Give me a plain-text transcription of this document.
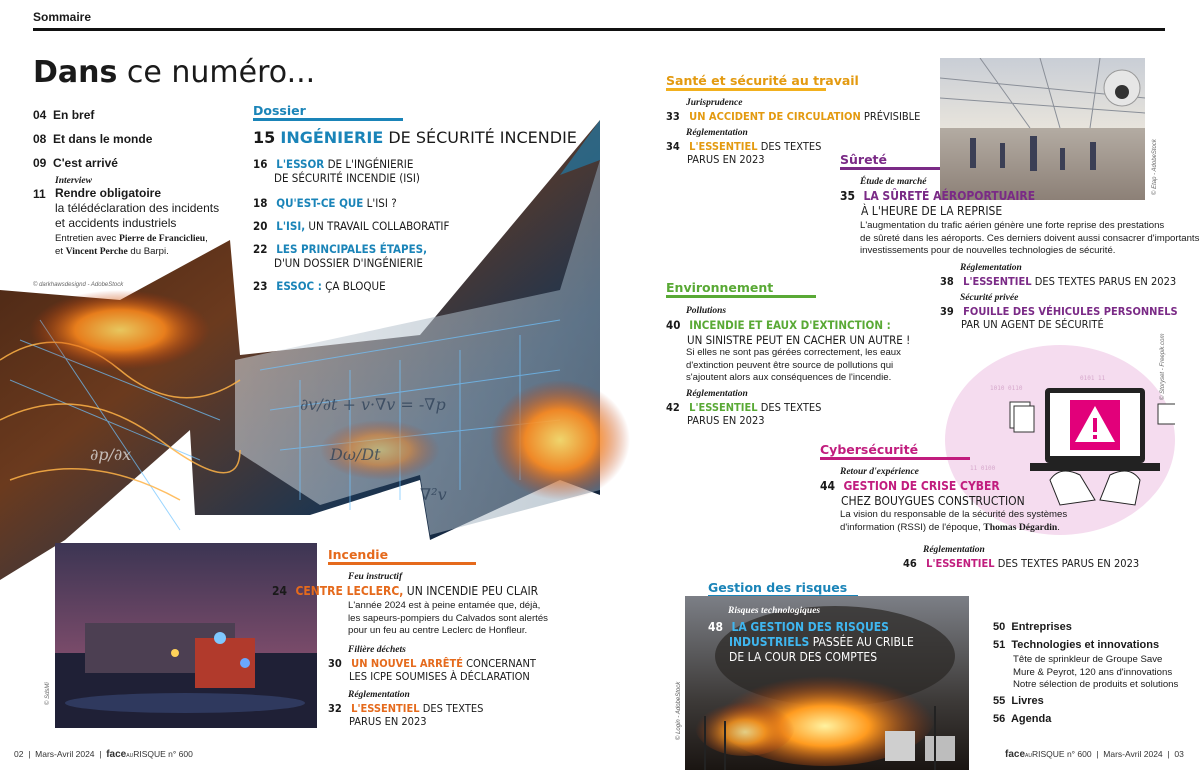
Sommaire
Dans ce numéro...
04 En bref
08 Et dans le monde
09 C'est arrivé
Interview
11 Rendre obligatoire
la télédéclaration des incidents
et accidents industriels
Entretien avec Pierre de Franciclieu,
et Vincent Perche du Barpi.
∂v/∂t + v·∇v = -∇p
Dω/Dt
∂p/∂x
∇²v
© darkhawsdesignd - AdobeStock
Dossier
15 INGÉNIERIE DE SÉCURITÉ INCENDIE
16 L'ESSOR DE L'INGÉNIERIE
DE SÉCURITÉ INCENDIE (ISI)
18 QU'EST-CE QUE L'ISI ?
20 L'ISI, UN TRAVAIL COLLABORATIF
22 LES PRINCIPALES ÉTAPES,
D'UN DOSSIER D'INGÉNIERIE
23 ESSOC : ÇA BLOQUE
© SdsMi
Incendie
Feu instructif
24 CENTRE LECLERC, UN INCENDIE PEU CLAIR
L'année 2024 est à peine entamée que, déjà,
les sapeurs-pompiers du Calvados sont alertés
pour un feu au centre Leclerc de Honfleur.
Filière déchets
30 UN NOUVEL ARRÊTÉ CONCERNANT
LES ICPE SOUMISES À DÉCLARATION
Réglementation
32 L'ESSENTIEL DES TEXTES
PARUS EN 2023
02 | Mars-Avril 2024 | faceAURISQUE n° 600
Santé et sécurité au travail
Jurisprudence
33 UN ACCIDENT DE CIRCULATION PRÉVISIBLE
Réglementation
34 L'ESSENTIEL DES TEXTES
PARUS EN 2023	© Etap - AdobeStock
Sûreté
Étude de marché
35 LA SÛRETÉ AÉROPORTUAIRE
À L'HEURE DE LA REPRISE
L'augmentation du trafic aérien génère une forte reprise des prestations
de sûreté dans les aéroports. Ces derniers doivent aussi consacrer d'importants
investissements pour de nouvelles technologies de sécurité.
Réglementation
38 L'ESSENTIEL DES TEXTES PARUS EN 2023
Sécurité privée
39 FOUILLE DES VÉHICULES PERSONNELS
PAR UN AGENT DE SÉCURITÉ
Environnement
Pollutions
40 INCENDIE ET EAUX D'EXTINCTION :
UN SINISTRE PEUT EN CACHER UN AUTRE !
Si elles ne sont pas gérées correctement, les eaux
d'extinction peuvent être source de pollutions qui
s'ajoutent alors aux conséquences de l'incendie.
Réglementation
42 L'ESSENTIEL DES TEXTES
PARUS EN 2023
1010 0110
0101 11
11 0100
© Storyset - Freepik.com
Cybersécurité
Retour d'expérience
44 GESTION DE CRISE CYBER
CHEZ BOUYGUES CONSTRUCTION
La vision du responsable de la sécurité des systèmes
d'information (RSSI) de l'époque, Thomas Dégardin.
Réglementation
46 L'ESSENTIEL DES TEXTES PARUS EN 2023
Gestion des risques
© Login - AdobeStock
Risques technologiques
48 LA GESTION DES RISQUES
INDUSTRIELS PASSÉE AU CRIBLE
DE LA COUR DES COMPTES
50 Entreprises
51 Technologies et innovations
Tête de sprinkleur de Groupe Save
Mure & Peyrot, 120 ans d'innovations
Notre sélection de produits et solutions
55 Livres
56 Agenda
faceAURISQUE n° 600 | Mars-Avril 2024 | 03
